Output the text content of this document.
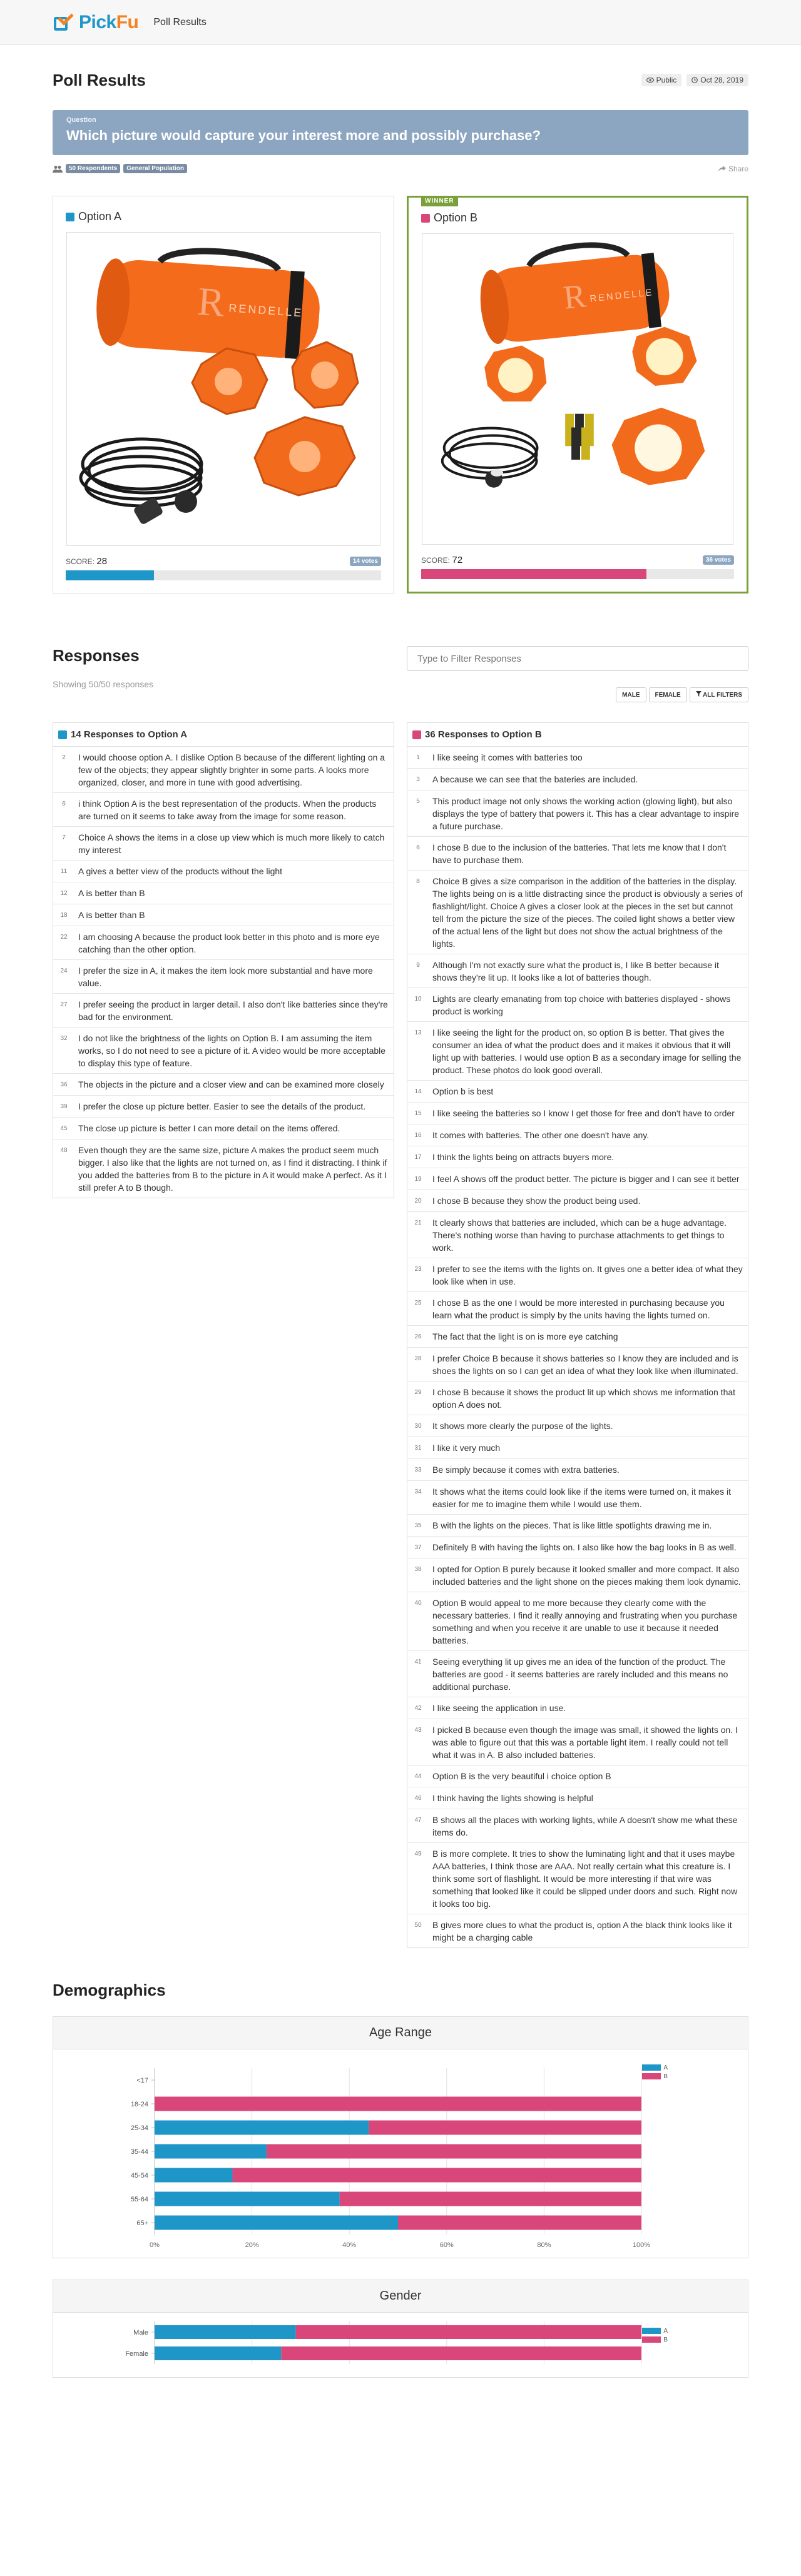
PickFu Poll Results
Poll Results	Public	Oct 28, 2019
Question
Which picture would capture your interest more and possibly purchase?
50 Respondents	General Population	Share
Option A
R RENDELLE
SCORE: 28	14 votes
WINNER
Option B
R RENDELLE
SCORE: 72	36 votes
Responses
Showing 50/50 responses
Type to Filter Responses
MALE	FEMALE	ALL FILTERS
14 Responses to Option A
2	I would choose option A. I dislike Option B because of the different lighting on a few of the objects; they appear slightly brighter in some parts. A looks more organized, closer, and more in tune with good advertising.
6	i think Option A is the best representation of the products. When the products are turned on it seems to take away from the image for some reason.
7	Choice A shows the items in a close up view which is much more likely to catch my interest
11	A gives a better view of the products without the light
12	A is better than B
18	A is better than B
22	I am choosing A because the product look better in this photo and is more eye catching than the other option.
24	I prefer the size in A, it makes the item look more substantial and have more value.
27	I prefer seeing the product in larger detail. I also don't like batteries since they're bad for the environment.
32	I do not like the brightness of the lights on Option B. I am assuming the item works, so I do not need to see a picture of it. A video would be more acceptable to display this type of feature.
36	The objects in the picture and a closer view and can be examined more closely
39	I prefer the close up picture better. Easier to see the details of the product.
45	The close up picture is better I can more detail on the items offered.
48	Even though they are the same size, picture A makes the product seem much bigger. I also like that the lights are not turned on, as I find it distracting. I think if you added the batteries from B to the picture in A it would make A perfect. As it I still prefer A to B though.
36 Responses to Option B
1	I like seeing it comes with batteries too
3	A because we can see that the bateries are included.
5	This product image not only shows the working action (glowing light), but also displays the type of battery that powers it. This has a clear advantage to inspire a future purchase.
6	I chose B due to the inclusion of the batteries. That lets me know that I don't have to purchase them.
8	Choice B gives a size comparison in the addition of the batteries in the display. The lights being on is a little distracting since the product is obviously a series of flashlight/light. Choice A gives a closer look at the pieces in the set but cannot tell from the picture the size of the pieces. The coiled light shows a better view of the actual lens of the light but does not show the actual brightness of the lights.
9	Although I'm not exactly sure what the product is, I like B better because it shows they're lit up. It looks like a lot of batteries though.
10	Lights are clearly emanating from top choice with batteries displayed - shows product is working
13	I like seeing the light for the product on, so option B is better. That gives the consumer an idea of what the product does and it makes it obvious that it will light up with batteries. I would use option B as a secondary image for selling the product. These photos do look good overall.
14	Option b is best
15	I like seeing the batteries so I know I get those for free and don't have to order
16	It comes with batteries. The other one doesn't have any.
17	I think the lights being on attracts buyers more.
19	I feel A shows off the product better. The picture is bigger and I can see it better
20	I chose B because they show the product being used.
21	It clearly shows that batteries are included, which can be a huge advantage. There's nothing worse than having to purchase attachments to get things to work.
23	I prefer to see the items with the lights on. It gives one a better idea of what they look like when in use.
25	I chose B as the one I would be more interested in purchasing because you learn what the product is simply by the units having the lights turned on.
26	The fact that the light is on is more eye catching
28	I prefer Choice B because it shows batteries so I know they are included and is shoes the lights on so I can get an idea of what they look like when illuminated.
29	I chose B because it shows the product lit up which shows me information that option A does not.
30	It shows more clearly the purpose of the lights.
31	I like it very much
33	Be simply because it comes with extra batteries.
34	It shows what the items could look like if the items were turned on, it makes it easier for me to imagine them while I would use them.
35	B with the lights on the pieces. That is like little spotlights drawing me in.
37	Definitely B with having the lights on. I also like how the bag looks in B as well.
38	I opted for Option B purely because it looked smaller and more compact. It also included batteries and the light shone on the pieces making them look dynamic.
40	Option B would appeal to me more because they clearly come with the necessary batteries. I find it really annoying and frustrating when you purchase something and when you receive it are unable to use it because it needed batteries.
41	Seeing everything lit up gives me an idea of the function of the product. The batteries are good - it seems batteries are rarely included and this means no additional purchase.
42	I like seeing the application in use.
43	I picked B because even though the image was small, it showed the lights on. I was able to figure out that this was a portable light item. I really could not tell what it was in A. B also included batteries.
44	Option B is the very beautiful i choice option B
46	I think having the lights showing is helpful
47	B shows all the places with working lights, while A doesn't show me what these items do.
49	B is more complete. It tries to show the luminating light and that it uses maybe AAA batteries, I think those are AAA. Not really certain what this creature is. I think some sort of flashlight. It would be more interesting if that wire was something that looked like it could be slipped under doors and such. Right now it looks too big.
50	B gives more clues to what the product is, option A the black think looks like it might be a charging cable
Demographics
Age Range
A
B
0%	20%	40%	60%	80%	100%
<17
18-24
25-34
35-44
45-54
55-64
65+
Gender
A
B
Male
Female
